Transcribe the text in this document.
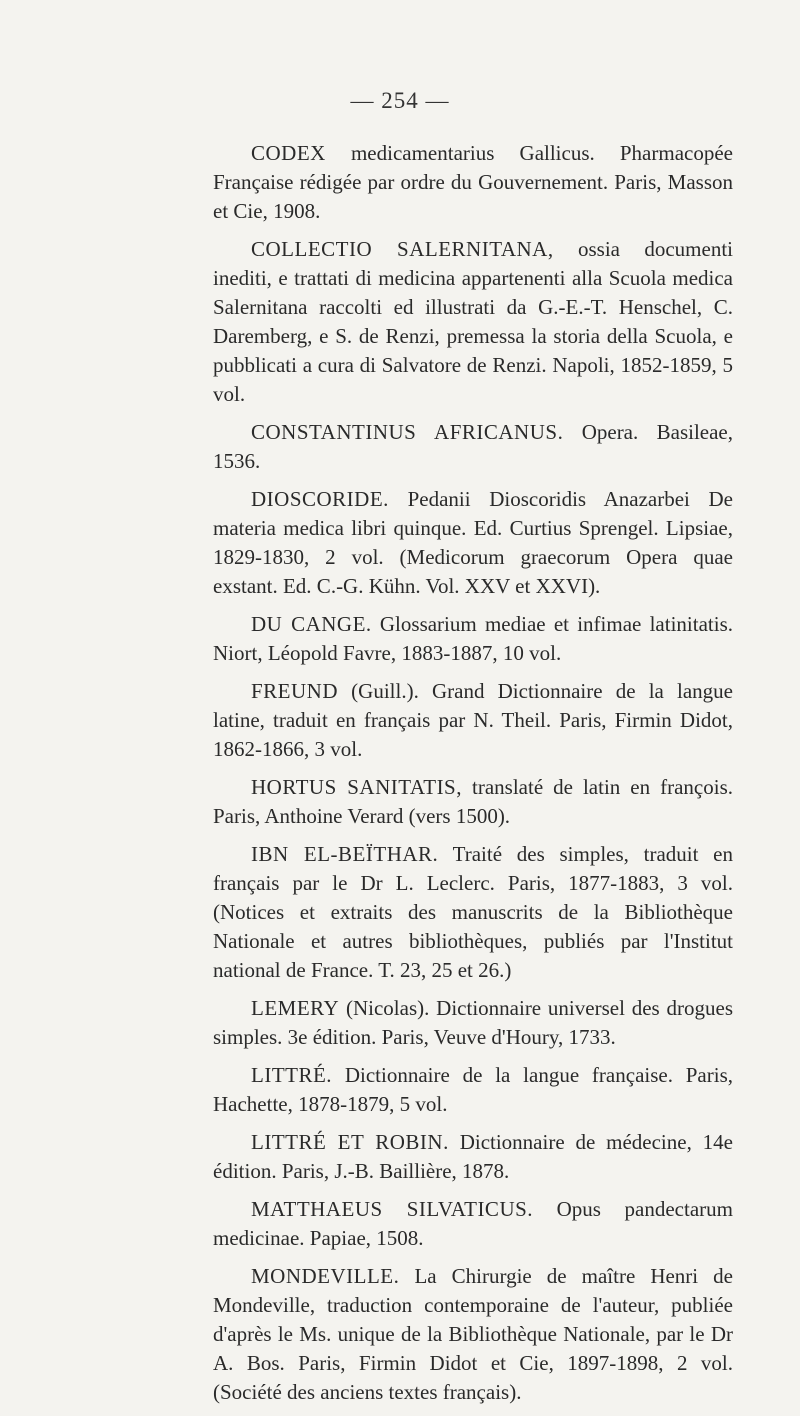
— 254 —

CODEX medicamentarius Gallicus. Pharmacopée Française rédigée par ordre du Gouvernement. Paris, Masson et Cie, 1908.

COLLECTIO SALERNITANA, ossia documenti inediti, e trattati di medicina appartenenti alla Scuola medica Salernitana raccolti ed illustrati da G.-E.-T. Henschel, C. Daremberg, e S. de Renzi, premessa la storia della Scuola, e pubblicati a cura di Salvatore de Renzi. Napoli, 1852-1859, 5 vol.

CONSTANTINUS AFRICANUS. Opera. Basileae, 1536.

DIOSCORIDE. Pedanii Dioscoridis Anazarbei De materia medica libri quinque. Ed. Curtius Sprengel. Lipsiae, 1829-1830, 2 vol. (Medicorum graecorum Opera quae exstant. Ed. C.-G. Kühn. Vol. XXV et XXVI).

DU CANGE. Glossarium mediae et infimae latinitatis. Niort, Léopold Favre, 1883-1887, 10 vol.

FREUND (Guill.). Grand Dictionnaire de la langue latine, traduit en français par N. Theil. Paris, Firmin Didot, 1862-1866, 3 vol.

HORTUS SANITATIS, translaté de latin en françois. Paris, Anthoine Verard (vers 1500).

IBN EL-BEÏTHAR. Traité des simples, traduit en français par le Dr L. Leclerc. Paris, 1877-1883, 3 vol. (Notices et extraits des manuscrits de la Bibliothèque Nationale et autres bibliothèques, publiés par l'Institut national de France. T. 23, 25 et 26.)

LEMERY (Nicolas). Dictionnaire universel des drogues simples. 3e édition. Paris, Veuve d'Houry, 1733.

LITTRÉ. Dictionnaire de la langue française. Paris, Hachette, 1878-1879, 5 vol.

LITTRÉ ET ROBIN. Dictionnaire de médecine, 14e édition. Paris, J.-B. Baillière, 1878.

MATTHAEUS SILVATICUS. Opus pandectarum medicinae. Papiae, 1508.

MONDEVILLE. La Chirurgie de maître Henri de Mondeville, traduction contemporaine de l'auteur, publiée d'après le Ms. unique de la Bibliothèque Nationale, par le Dr A. Bos. Paris, Firmin Didot et Cie, 1897-1898, 2 vol. (Société des anciens textes français).
